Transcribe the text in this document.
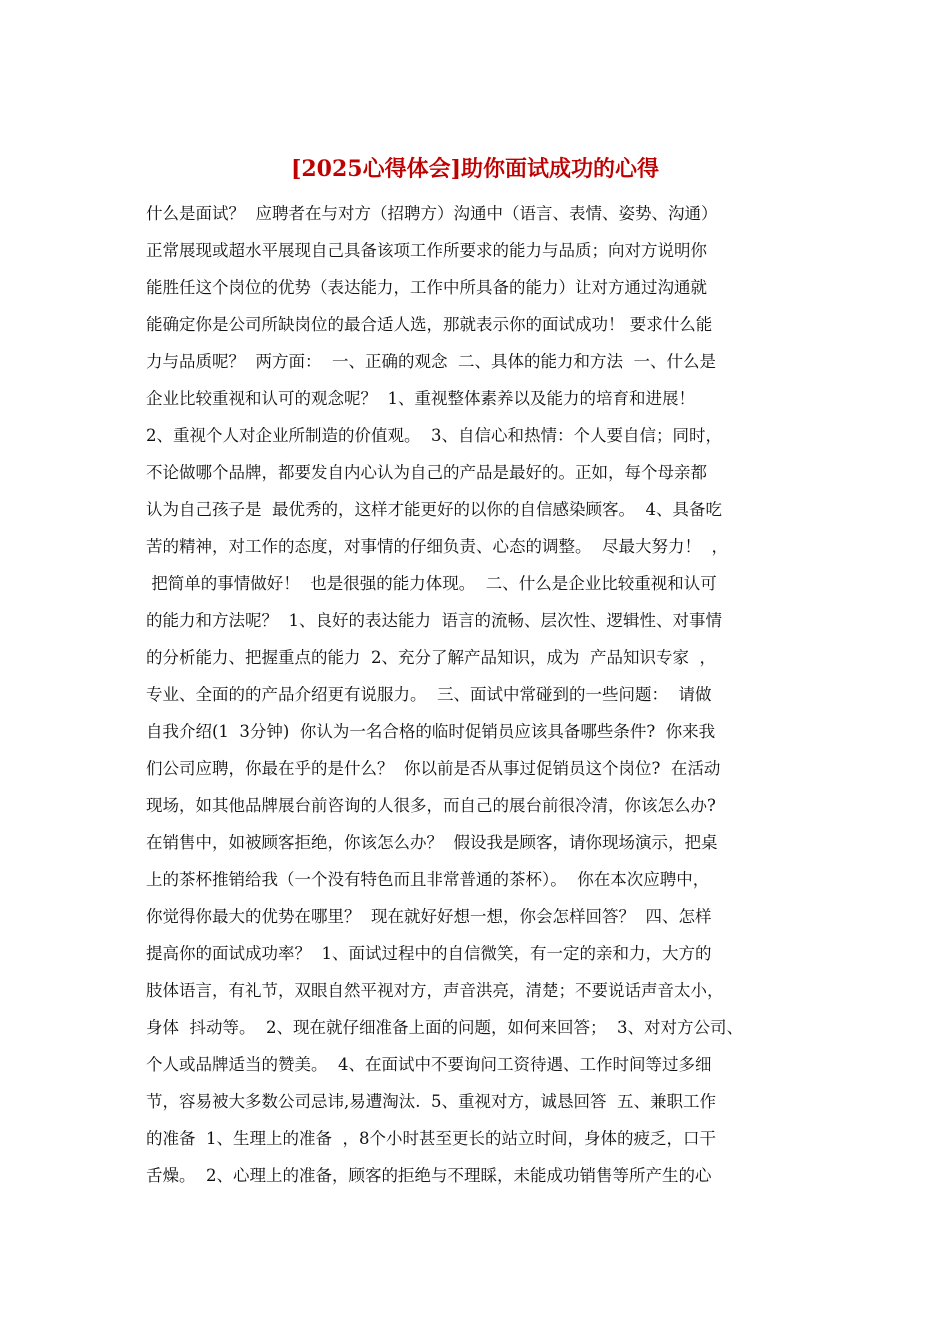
[2025心得体会]助你面试成功的心得
什么是面试？  应聘者在与对方（招聘方）沟通中（语言、表情、姿势、沟通）
正常展现或超水平展现自己具备该项工作所要求的能力与品质；向对方说明你
能胜任这个岗位的优势（表达能力，工作中所具备的能力）让对方通过沟通就
能确定你是公司所缺岗位的最合适人选，那就表示你的面试成功！ 要求什么能
力与品质呢？  两方面：  一、正确的观念  二、具体的能力和方法  一、什么是
企业比较重视和认可的观念呢？  1、重视整体素养以及能力的培育和进展！
2、重视个人对企业所制造的价值观。  3、自信心和热情：个人要自信；同时，
不论做哪个品牌，都要发自内心认为自己的产品是最好的。正如，每个母亲都
认为自己孩子是  最优秀的，这样才能更好的以你的自信感染顾客。  4、具备吃
苦的精神，对工作的态度，对事情的仔细负责、心态的调整。  尽最大努力！  ，
把简单的事情做好！  也是很强的能力体现。  二、什么是企业比较重视和认可
的能力和方法呢？  1、良好的表达能力  语言的流畅、层次性、逻辑性、对事情
的分析能力、把握重点的能力  2、充分了解产品知识，成为  产品知识专家  ，
专业、全面的的产品介绍更有说服力。  三、面试中常碰到的一些问题：  请做
自我介绍(1  3分钟)  你认为一名合格的临时促销员应该具备哪些条件?  你来我
们公司应聘，你最在乎的是什么？  你以前是否从事过促销员这个岗位?  在活动
现场，如其他品牌展台前咨询的人很多，而自己的展台前很冷清，你该怎么办?
在销售中，如被顾客拒绝，你该怎么办？  假设我是顾客，请你现场演示，把桌
上的茶杯推销给我（一个没有特色而且非常普通的茶杯）。  你在本次应聘中，
你觉得你最大的优势在哪里？  现在就好好想一想，你会怎样回答？  四、怎样
提高你的面试成功率？  1、面试过程中的自信微笑，有一定的亲和力，大方的
肢体语言，有礼节，双眼自然平视对方，声音洪亮，清楚；不要说话声音太小，
身体  抖动等。  2、现在就仔细准备上面的问题，如何来回答；  3、对对方公司、
个人或品牌适当的赞美。  4、在面试中不要询问工资待遇、工作时间等过多细
节，容易被大多数公司忌讳,易遭淘汰.  5、重视对方，诚恳回答  五、兼职工作
的准备  1、生理上的准备  ，8个小时甚至更长的站立时间，身体的疲乏，口干
舌燥。  2、心理上的准备，顾客的拒绝与不理睬，未能成功销售等所产生的心
